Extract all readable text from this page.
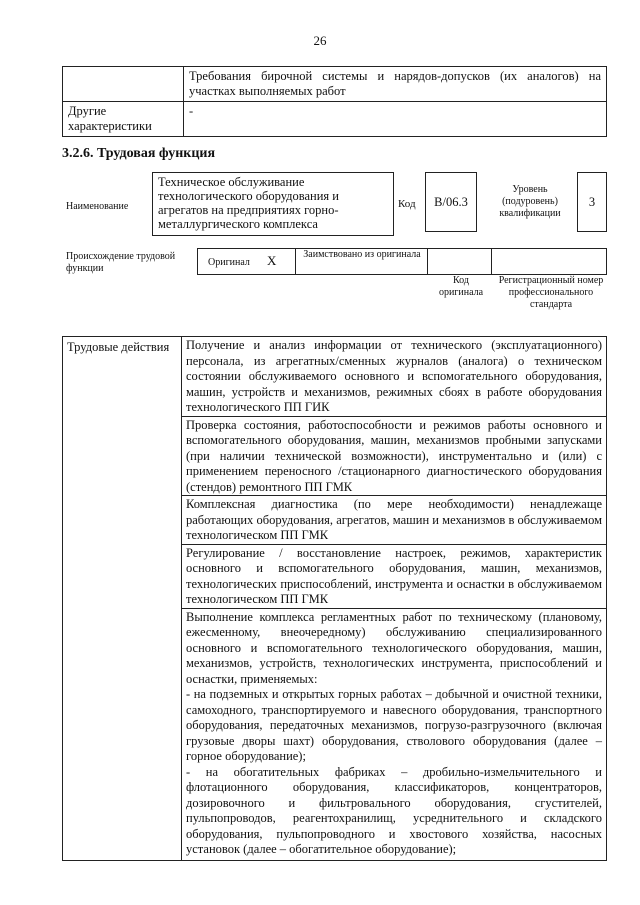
26
	Требования бирочной системы и нарядов-допусков (их аналогов) на участках выполняемых работ
Другие характеристики	-
3.2.6. Трудовая функция
Наименование
Техническое обслуживание технологического оборудования и агрегатов на предприятиях горно-металлургического комплекса
Код	B/06.3
Уровень (подуровень) квалификации
3
Происхождение трудовой функции
Оригинал X	Заимствовано из оригинала
Код оригинала
Регистрационный номер профессионального стандарта
Трудовые действия	Получение и анализ информации от технического (эксплуатационного) персонала, из агрегатных/сменных журналов (аналога) о техническом состоянии обслуживаемого основного и вспомогательного оборудования, машин, устройств и механизмов, режимных сбоях в работе оборудования технологического ПП ГИК
Проверка состояния, работоспособности и режимов работы основного и вспомогательного оборудования, машин, механизмов пробными запусками (при наличии технической возможности), инструментально и (или) с применением переносного /стационарного диагностического оборудования (стендов) ремонтного ПП ГМК
Комплексная диагностика (по мере необходимости) ненадлежаще работающих оборудования, агрегатов, машин и механизмов в обслуживаемом технологическом ПП ГМК
Регулирование / восстановление настроек, режимов, характеристик основного и вспомогательного оборудования, машин, механизмов, технологических приспособлений, инструмента и оснастки в обслуживаемом технологическом ПП ГМК

Выполнение комплекса регламентных работ по техническому (плановому, ежесменному, внеочередному) обслуживанию специализированного основного и вспомогательного технологического оборудования, машин, механизмов, устройств, технологических инструмента, приспособлений и оснастки, применяемых:
- на подземных и открытых горных работах – добычной и очистной техники, самоходного, транспортируемого и навесного оборудования, транспортного оборудования, передаточных механизмов, погрузо-разгрузочного (включая грузовые дворы шахт) оборудования, стволового оборудования (далее – горное оборудование);
- на обогатительных фабриках – дробильно-измельчительного и флотационного оборудования, классификаторов, концентраторов, дозировочного и фильтровального оборудования, сгустителей, пульпопроводов, реагентохранилищ, усреднительного и складского оборудования, пульпопроводного и хвостового хозяйства, насосных установок (далее – обогатительное оборудование);
